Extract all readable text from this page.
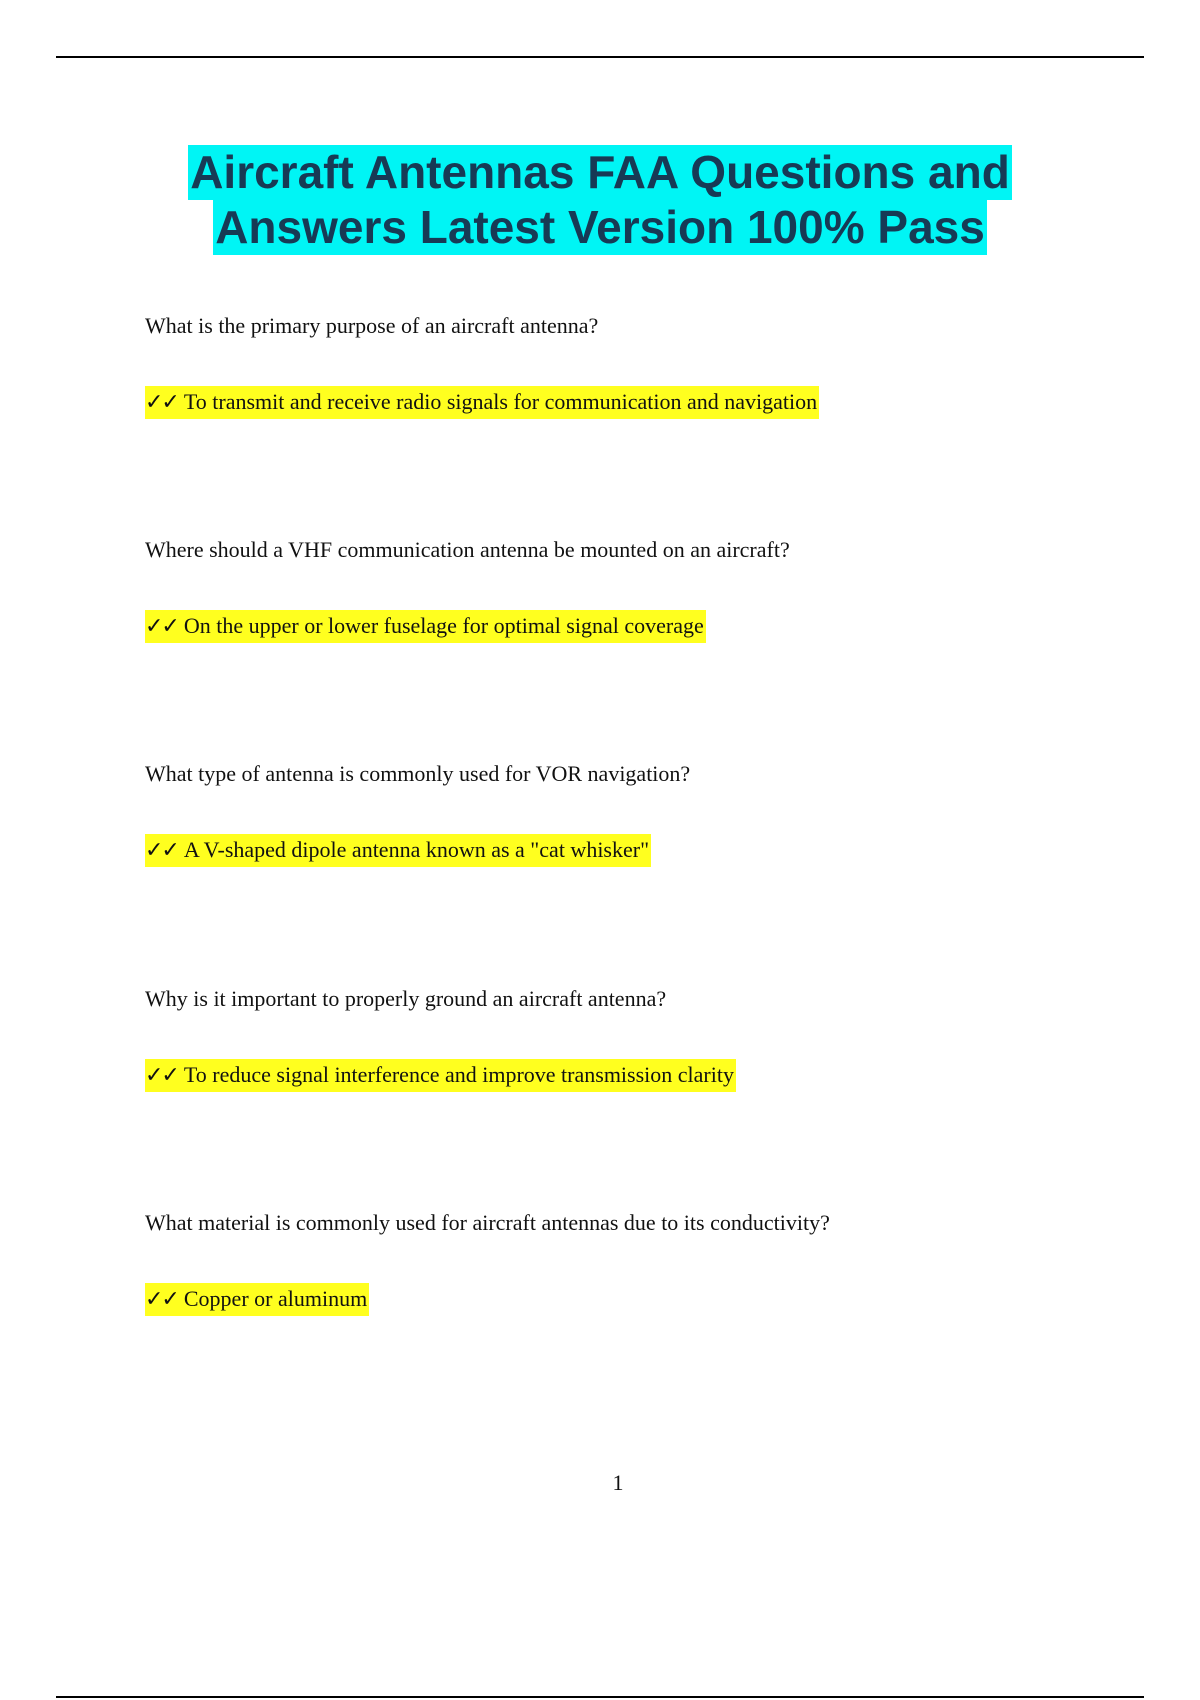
Aircraft Antennas FAA Questions and
Answers Latest Version 100% Pass
What is the primary purpose of an aircraft antenna?
✓✓ To transmit and receive radio signals for communication and navigation
Where should a VHF communication antenna be mounted on an aircraft?
✓✓ On the upper or lower fuselage for optimal signal coverage
What type of antenna is commonly used for VOR navigation?
✓✓ A V-shaped dipole antenna known as a "cat whisker"
Why is it important to properly ground an aircraft antenna?
✓✓ To reduce signal interference and improve transmission clarity
What material is commonly used for aircraft antennas due to its conductivity?
✓✓ Copper or aluminum
1
